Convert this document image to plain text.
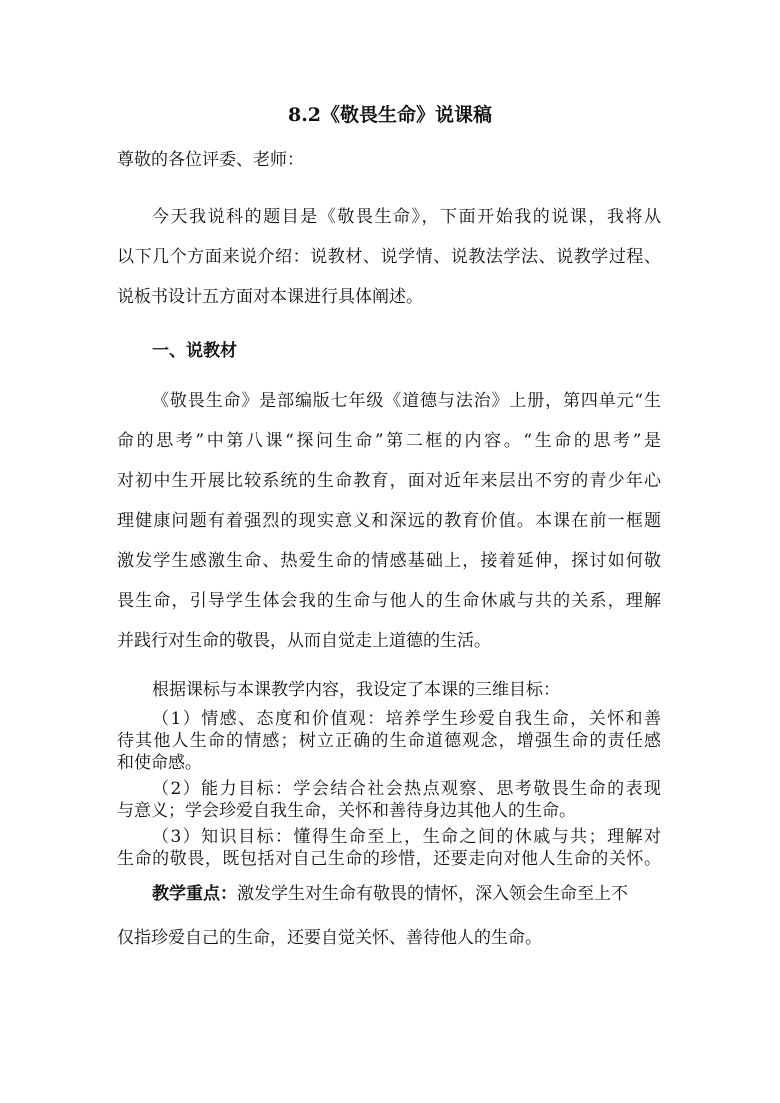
8.2《敬畏生命》说课稿
尊敬的各位评委、老师：
今天我说科的题目是《敬畏生命》，下面开始我的说课，我将从
以下几个方面来说介绍：说教材、说学情、说教法学法、说教学过程、
说板书设计五方面对本课进行具体阐述。
一、说教材
《敬畏生命》是部编版七年级《道德与法治》上册，第四单元“生
命的思考”中第八课“探问生命”第二框的内容。“生命的思考”是
对初中生开展比较系统的生命教育，面对近年来层出不穷的青少年心
理健康问题有着强烈的现实意义和深远的教育价值。本课在前一框题
激发学生感激生命、热爱生命的情感基础上，接着延伸，探讨如何敬
畏生命，引导学生体会我的生命与他人的生命休戚与共的关系，理解
并践行对生命的敬畏，从而自觉走上道德的生活。
根据课标与本课教学内容，我设定了本课的三维目标：
（1）情感、态度和价值观：培养学生珍爱自我生命，关怀和善
待其他人生命的情感；树立正确的生命道德观念，增强生命的责任感
和使命感。
（2）能力目标：学会结合社会热点观察、思考敬畏生命的表现
与意义；学会珍爱自我生命，关怀和善待身边其他人的生命。
（3）知识目标：懂得生命至上，生命之间的休戚与共；理解对
生命的敬畏，既包括对自己生命的珍惜，还要走向对他人生命的关怀。
教学重点：激发学生对生命有敬畏的情怀，深入领会生命至上不
仅指珍爱自己的生命，还要自觉关怀、善待他人的生命。
